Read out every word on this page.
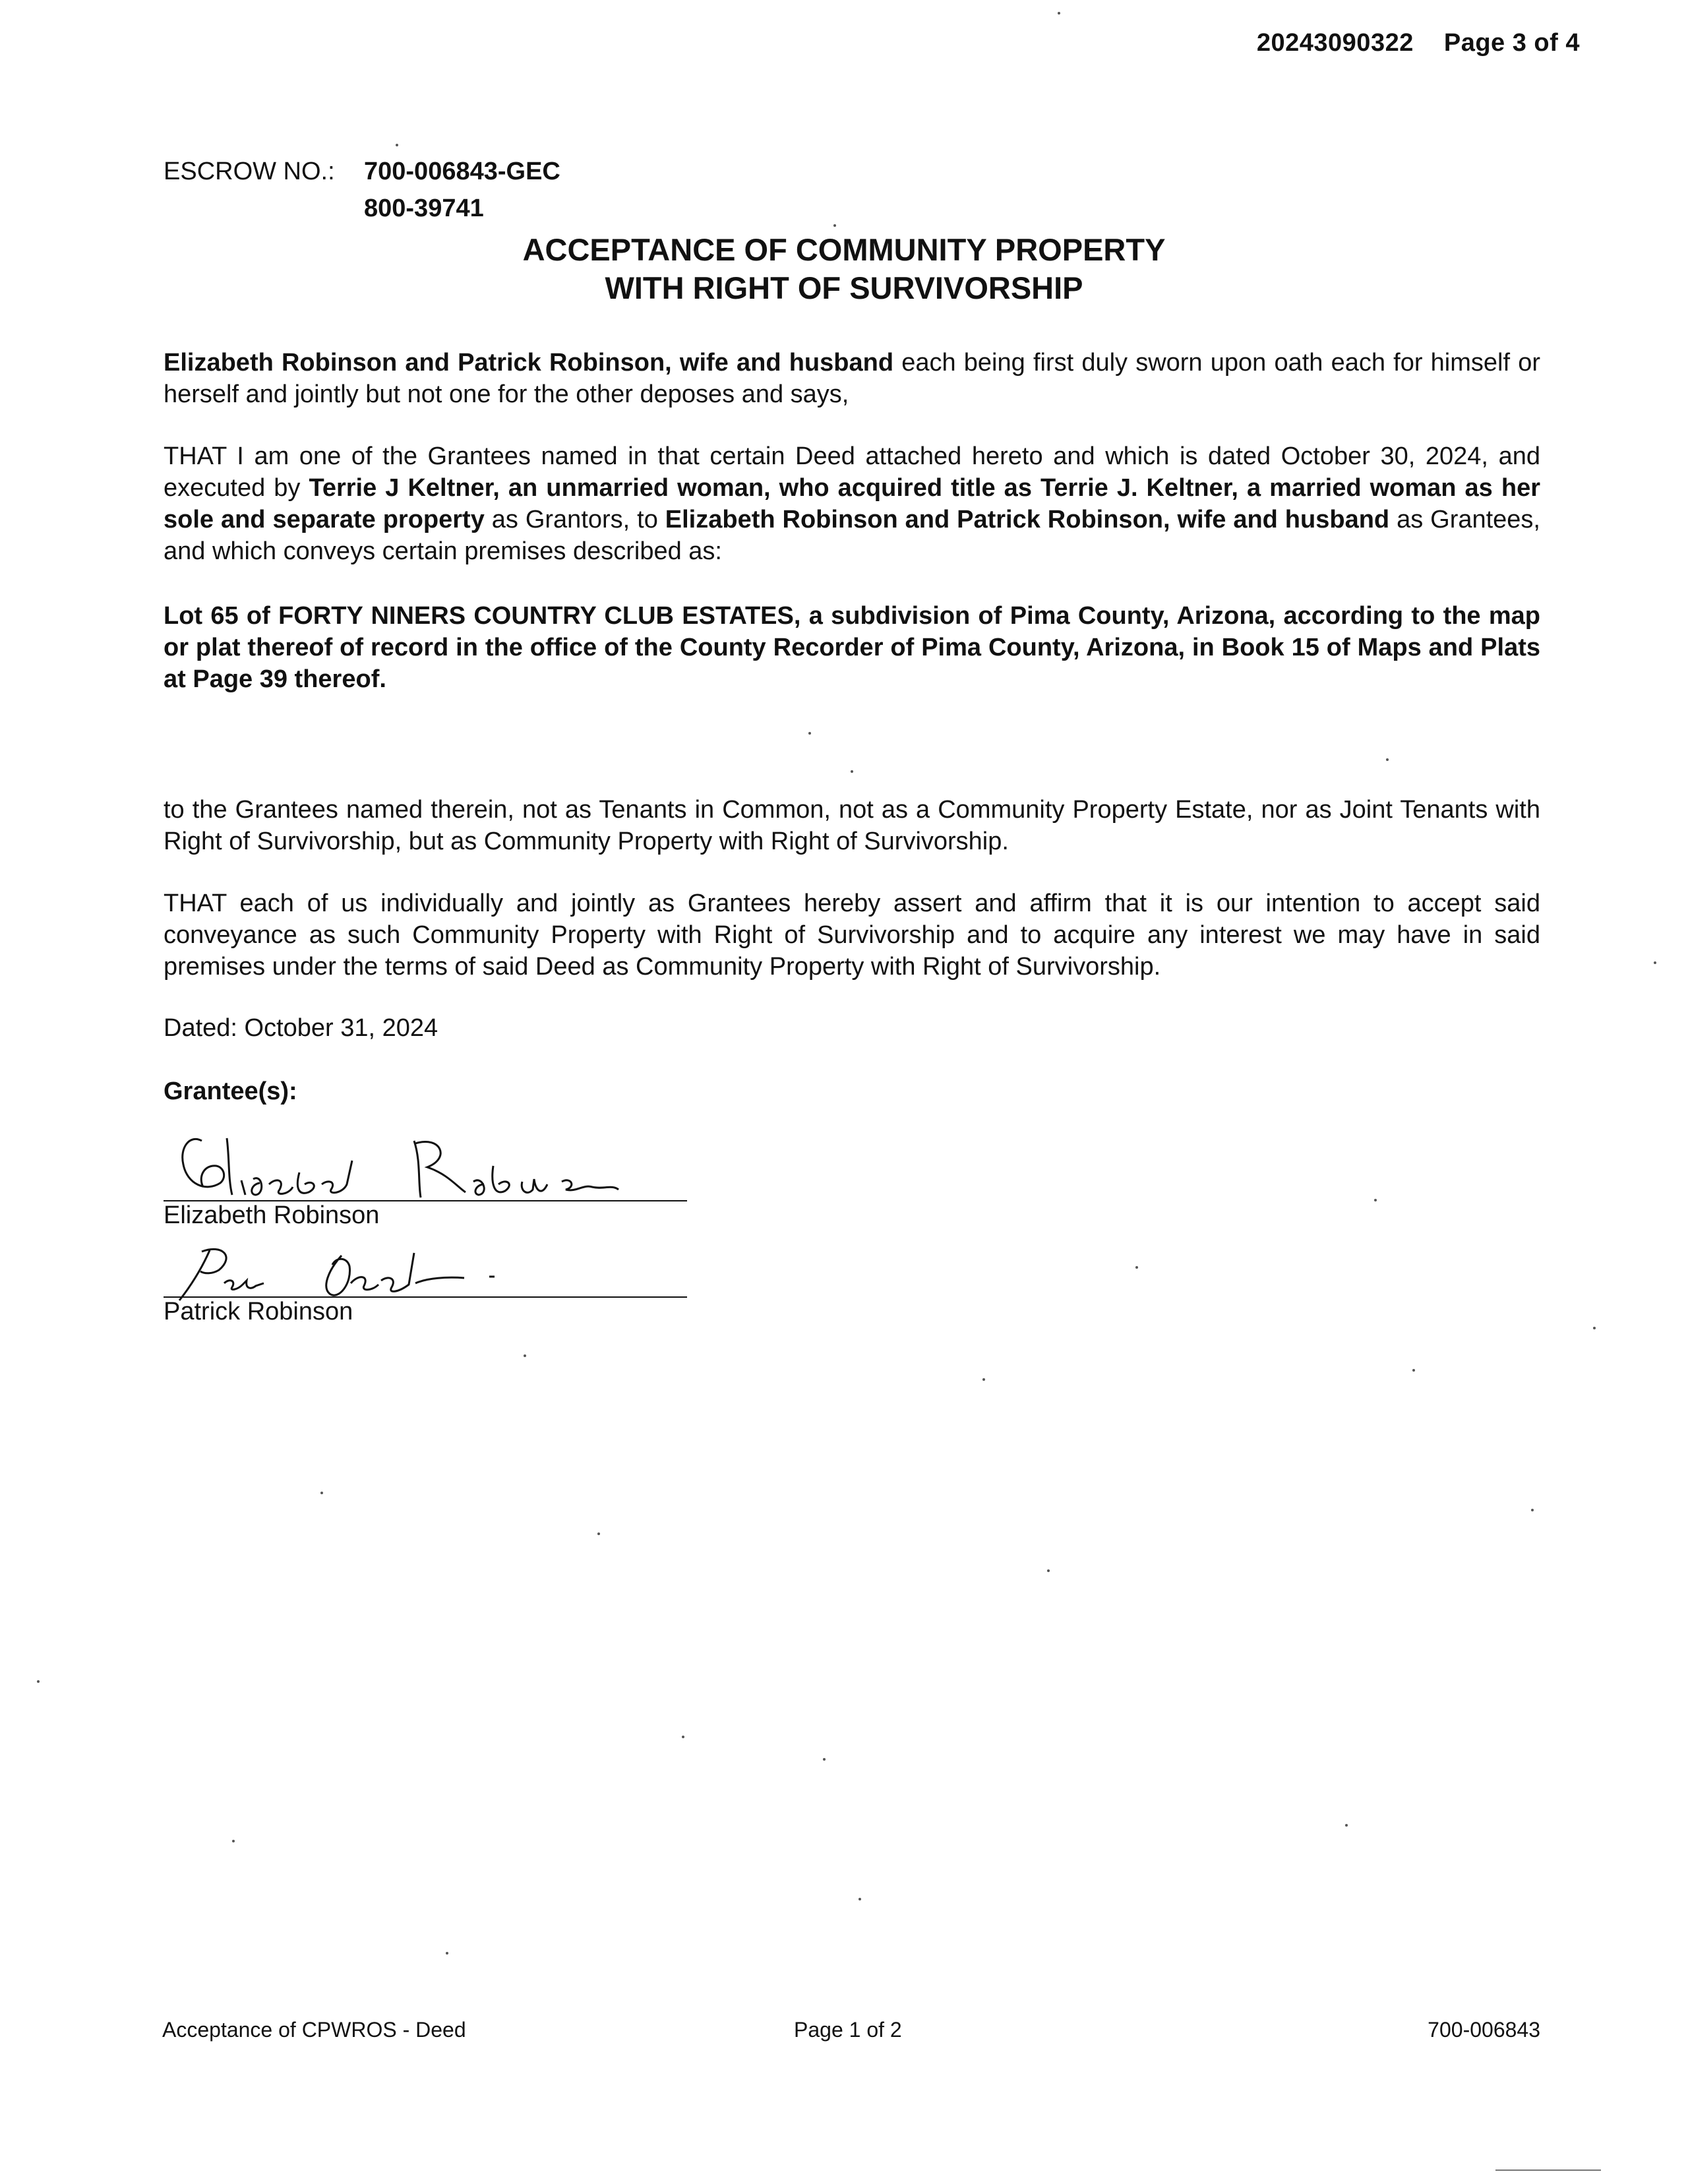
20243090322 Page 3 of 4
ESCROW NO.: 700-006843-GEC
800-39741
ACCEPTANCE OF COMMUNITY PROPERTY
WITH RIGHT OF SURVIVORSHIP
Elizabeth Robinson and Patrick Robinson, wife and husband each being first duly sworn upon oath each for himself or herself and jointly but not one for the other deposes and says,
THAT I am one of the Grantees named in that certain Deed attached hereto and which is dated October 30, 2024, and executed by Terrie J Keltner, an unmarried woman, who acquired title as Terrie J. Keltner, a married woman as her sole and separate property as Grantors, to Elizabeth Robinson and Patrick Robinson, wife and husband as Grantees, and which conveys certain premises described as:
Lot 65 of FORTY NINERS COUNTRY CLUB ESTATES, a subdivision of Pima County, Arizona, according to the map or plat thereof of record in the office of the County Recorder of Pima County, Arizona, in Book 15 of Maps and Plats at Page 39 thereof.
to the Grantees named therein, not as Tenants in Common, not as a Community Property Estate, nor as Joint Tenants with Right of Survivorship, but as Community Property with Right of Survivorship.
THAT each of us individually and jointly as Grantees hereby assert and affirm that it is our intention to accept said conveyance as such Community Property with Right of Survivorship and to acquire any interest we may have in said premises under the terms of said Deed as Community Property with Right of Survivorship.
Dated: October 31, 2024
Grantee(s):
Elizabeth Robinson
Patrick Robinson
Acceptance of CPWROS - Deed	Page 1 of 2	700-006843
